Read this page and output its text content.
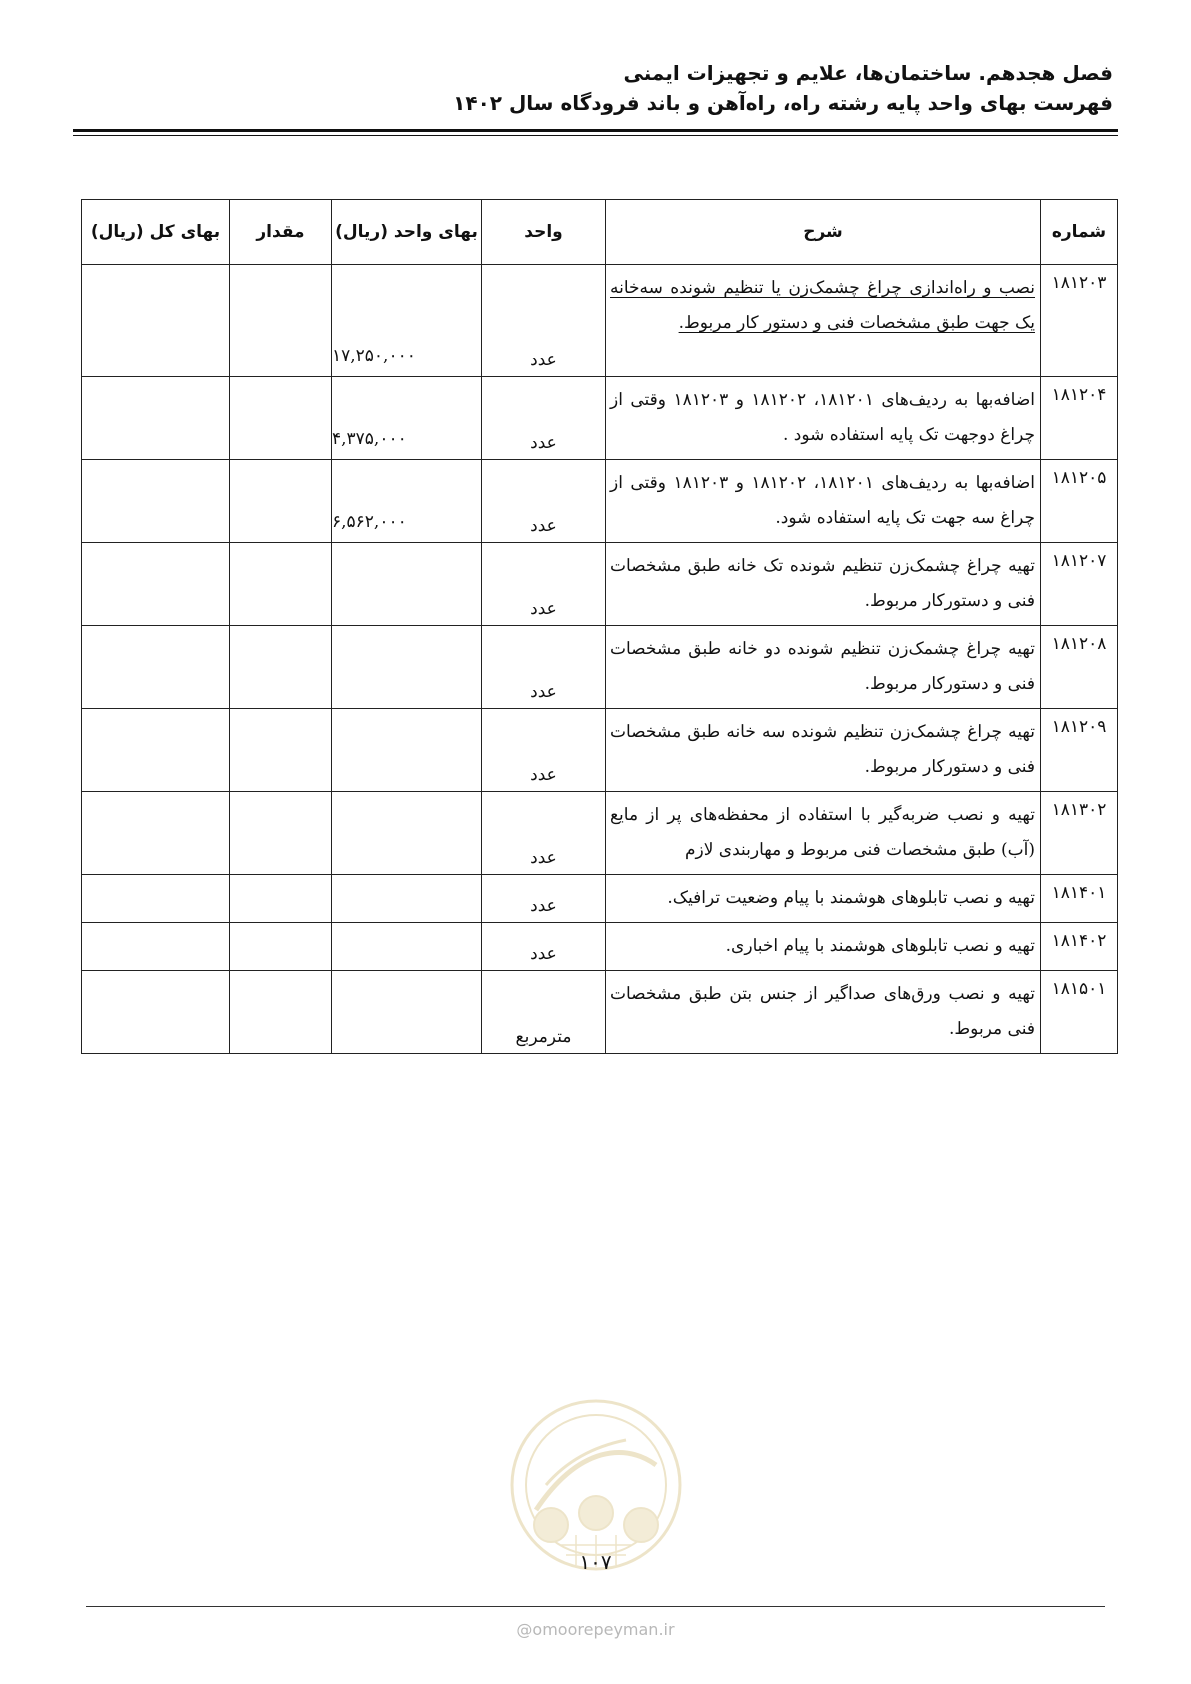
فصل هجدهم. ساختمان‌ها، علایم و تجهیزات ایمنی
فهرست بهای واحد پایه رشته راه، راه‌آهن و باند فرودگاه سال ۱۴۰۲
شماره	شرح	واحد	بهای واحد (ریال)	مقدار	بهای کل (ریال)
۱۸۱۲۰۳	نصب و راه‌اندازی چراغ چشمک‌زن یا تنظیم شونده سه‌خانه یک جهت طبق مشخصات فنی و دستور کار مربوط.	عدد	۱۷,۲۵۰,۰۰۰		
۱۸۱۲۰۴	اضافه‌بها به ردیف‌های ۱۸۱۲۰۱، ۱۸۱۲۰۲ و ۱۸۱۲۰۳ وقتی از چراغ دوجهت تک پایه استفاده شود .	عدد	۴,۳۷۵,۰۰۰		
۱۸۱۲۰۵	اضافه‌بها به ردیف‌های ۱۸۱۲۰۱، ۱۸۱۲۰۲ و ۱۸۱۲۰۳ وقتی از چراغ سه جهت تک پایه استفاده شود.	عدد	۶,۵۶۲,۰۰۰		
۱۸۱۲۰۷	تهیه چراغ چشمک‌زن تنظیم شونده تک خانه طبق مشخصات فنی و دستورکار مربوط.	عدد			
۱۸۱۲۰۸	تهیه چراغ چشمک‌زن تنظیم شونده دو خانه طبق مشخصات فنی و دستورکار مربوط.	عدد			
۱۸۱۲۰۹	تهیه چراغ چشمک‌زن تنظیم شونده سه خانه طبق مشخصات فنی و دستورکار مربوط.	عدد			
۱۸۱۳۰۲	تهیه و نصب ضربه‌گیر با استفاده از محفظه‌های پر از مایع (آب) طبق مشخصات فنی مربوط و مهاربندی لازم	عدد			
۱۸۱۴۰۱	تهیه و نصب تابلوهای هوشمند با پیام وضعیت ترافیک.	عدد			
۱۸۱۴۰۲	تهیه و نصب تابلوهای هوشمند با پیام اخباری.	عدد			
۱۸۱۵۰۱	تهیه و نصب ورق‌های صداگیر از جنس بتن طبق مشخصات فنی مربوط.	مترمربع			
۱۰۷
@omoorepeyman.ir
